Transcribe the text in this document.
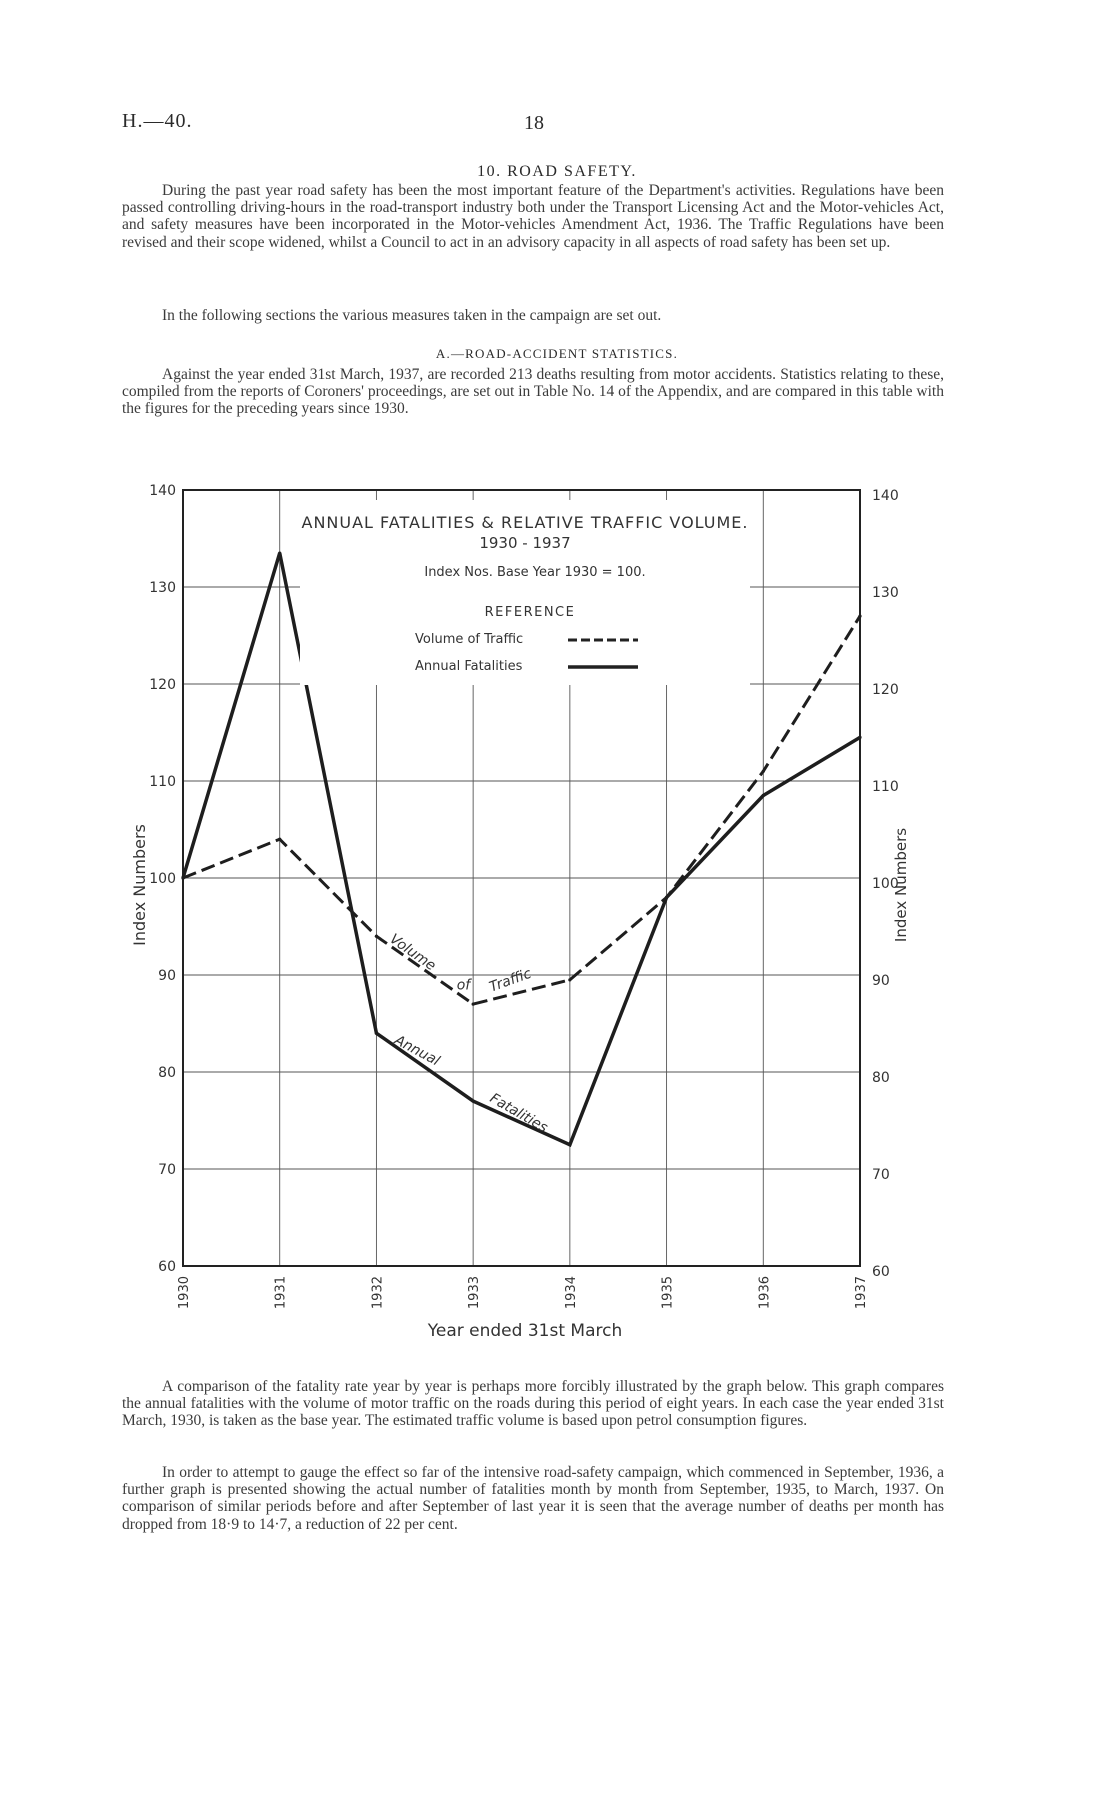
H.—40.	18
10. ROAD SAFETY.
During the past year road safety has been the most important feature of the Department's activities. Regulations have been passed controlling driving-hours in the road-transport industry both under the Transport Licensing Act and the Motor-vehicles Act, and safety measures have been incorporated in the Motor-vehicles Amendment Act, 1936. The Traffic Regulations have been revised and their scope widened, whilst a Council to act in an advisory capacity in all aspects of road safety has been set up.
In the following sections the various measures taken in the campaign are set out.
A.—ROAD-ACCIDENT STATISTICS.
Against the year ended 31st March, 1937, are recorded 213 deaths resulting from motor accidents. Statistics relating to these, compiled from the reports of Coroners' proceedings, are set out in Table No. 14 of the Appendix, and are compared in this table with the figures for the preceding years since 1930.
60	60
70	70
80	80
90	90
100	100
110	110
120	120
130	130
140	140
1930	1931	1932	1933	1934	1935	1936	1937
ANNUAL FATALITIES & RELATIVE TRAFFIC VOLUME.
1930 - 1937
Index Nos. Base Year 1930 = 100.
REFERENCE
Volume of Traffic
Annual Fatalities
Volume
of Traffic
Annual
Fatalities
Index Numbers	Index Numbers
Year ended 31st March
A comparison of the fatality rate year by year is perhaps more forcibly illustrated by the graph below. This graph compares the annual fatalities with the volume of motor traffic on the roads during this period of eight years. In each case the year ended 31st March, 1930, is taken as the base year. The estimated traffic volume is based upon petrol consumption figures.
In order to attempt to gauge the effect so far of the intensive road-safety campaign, which commenced in September, 1936, a further graph is presented showing the actual number of fatalities month by month from September, 1935, to March, 1937. On comparison of similar periods before and after September of last year it is seen that the average number of deaths per month has dropped from 18·9 to 14·7, a reduction of 22 per cent.
